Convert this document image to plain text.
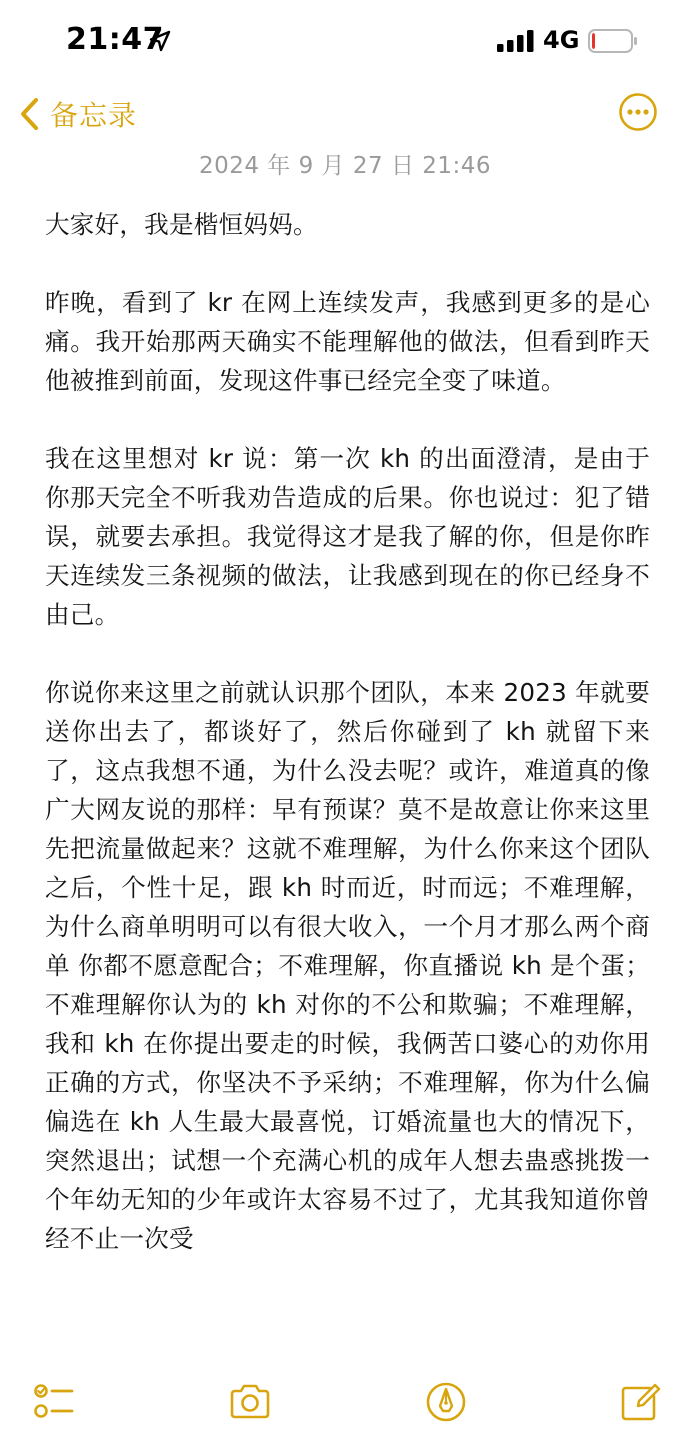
21:47	4G
备忘录
2024 年 9 月 27 日 21:46

大家好，我是楷恒妈妈。

昨晚，看到了 kr 在网上连续发声，我感到更多的是心痛。我开始那两天确实不能理解他的做法，但看到昨天他被推到前面，发现这件事已经完全变了味道。

我在这里想对 kr 说：第一次 kh 的出面澄清，是由于你那天完全不听我劝告造成的后果。你也说过：犯了错误，就要去承担。我觉得这才是我了解的你，但是你昨天连续发三条视频的做法，让我感到现在的你已经身不由己。

你说你来这里之前就认识那个团队，本来 2023 年就要送你出去了，都谈好了，然后你碰到了 kh 就留下来了，这点我想不通，为什么没去呢？或许，难道真的像广大网友说的那样：早有预谋？莫不是故意让你来这里先把流量做起来？这就不难理解，为什么你来这个团队之后，个性十足，跟 kh 时而近，时而远；不难理解，为什么商单明明可以有很大收入，一个月才那么两个商单 你都不愿意配合；不难理解，你直播说 kh 是个蛋；不难理解你认为的 kh 对你的不公和欺骗；不难理解，我和 kh 在你提出要走的时候，我俩苦口婆心的劝你用正确的方式，你坚决不予采纳；不难理解，你为什么偏偏选在 kh 人生最大最喜悦，订婚流量也大的情况下，突然退出；试想一个充满心机的成年人想去蛊惑挑拨一个年幼无知的少年或许太容易不过了，尤其我知道你曾经不止一次受
